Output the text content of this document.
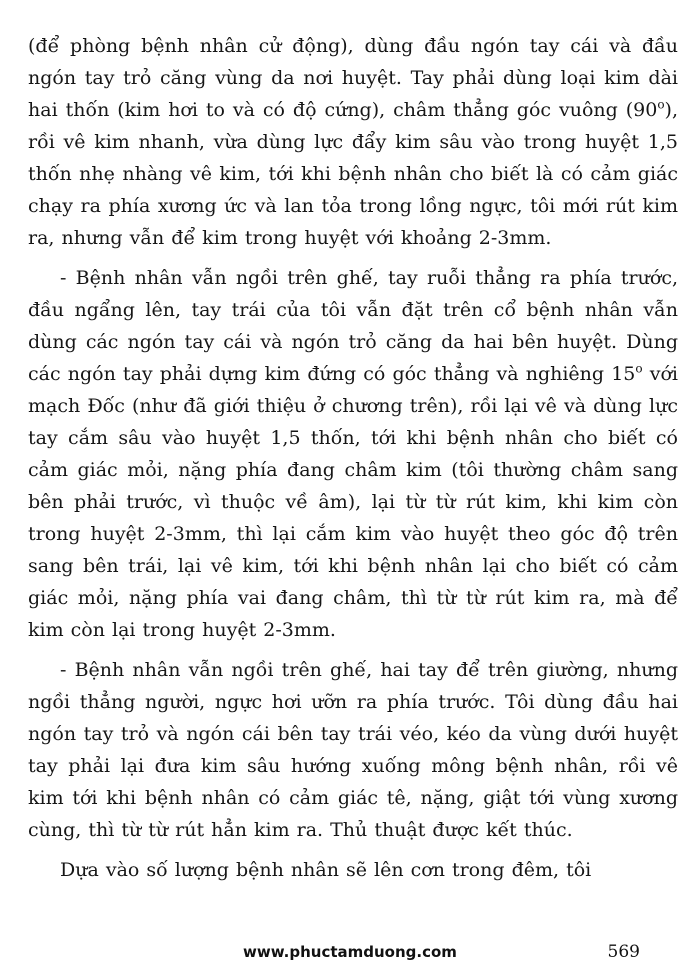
(để phòng bệnh nhân cử động), dùng đầu ngón tay cái và đầu ngón tay trỏ căng vùng da nơi huyệt. Tay phải dùng loại kim dài hai thốn (kim hơi to và có độ cứng), châm thẳng góc vuông (90$^o$), rồi vê kim nhanh, vừa dùng lực đẩy kim sâu vào trong huyệt 1,5 thốn nhẹ nhàng vê kim, tới khi bệnh nhân cho biết là có cảm giác chạy ra phía xương ức và lan tỏa trong lồng ngực, tôi mới rút kim ra, nhưng vẫn để kim trong huyệt với khoảng 2-3mm.

- Bệnh nhân vẫn ngồi trên ghế, tay ruỗi thẳng ra phía trước, đầu ngẩng lên, tay trái của tôi vẫn đặt trên cổ bệnh nhân vẫn dùng các ngón tay cái và ngón trỏ căng da hai bên huyệt. Dùng các ngón tay phải dựng kim đứng có góc thẳng và nghiêng 15$^o$ với mạch Đốc (như đã giới thiệu ở chương trên), rồi lại vê và dùng lực tay cắm sâu vào huyệt 1,5 thốn, tới khi bệnh nhân cho biết có cảm giác mỏi, nặng phía đang châm kim (tôi thường châm sang bên phải trước, vì thuộc về âm), lại từ từ rút kim, khi kim còn trong huyệt 2-3mm, thì lại cắm kim vào huyệt theo góc độ trên sang bên trái, lại vê kim, tới khi bệnh nhân lại cho biết có cảm giác mỏi, nặng phía vai đang châm, thì từ từ rút kim ra, mà để kim còn lại trong huyệt 2-3mm.

- Bệnh nhân vẫn ngồi trên ghế, hai tay để trên giường, nhưng ngồi thẳng người, ngực hơi ưỡn ra phía trước. Tôi dùng đầu hai ngón tay trỏ và ngón cái bên tay trái véo, kéo da vùng dưới huyệt tay phải lại đưa kim sâu hướng xuống mông bệnh nhân, rồi vê kim tới khi bệnh nhân có cảm giác tê, nặng, giật tới vùng xương cùng, thì từ từ rút hẳn kim ra. Thủ thuật được kết thúc.

Dựa vào số lượng bệnh nhân sẽ lên cơn trong đêm, tôi

www.phuctamduong.com	569
